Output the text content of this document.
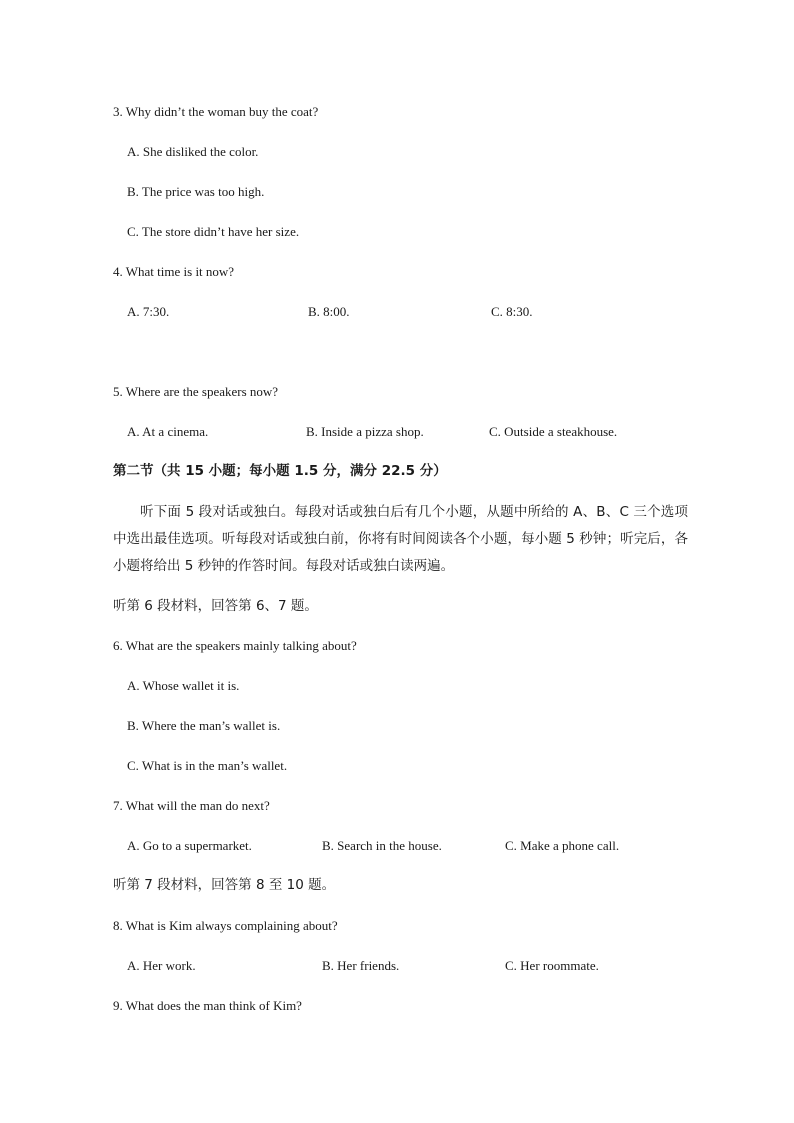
3. Why didn’t the woman buy the coat?
A. She disliked the color.
B. The price was too high.
C. The store didn’t have her size.
4. What time is it now?
A. 7:30.	B. 8:00.	C. 8:30.
5. Where are the speakers now?
A. At a cinema.	B. Inside a pizza shop.	C. Outside a steakhouse.
第二节（共 15 小题；每小题 1.5 分，满分 22.5 分）
听下面 5 段对话或独白。每段对话或独白后有几个小题，从题中所给的 A、B、C 三个选项中选出最佳选项。听每段对话或独白前，你将有时间阅读各个小题，每小题 5 秒钟；听完后，各小题将给出 5 秒钟的作答时间。每段对话或独白读两遍。
听第 6 段材料，回答第 6、7 题。
6. What are the speakers mainly talking about?
A. Whose wallet it is.
B. Where the man’s wallet is.
C. What is in the man’s wallet.
7. What will the man do next?
A. Go to a supermarket.	B. Search in the house.	C. Make a phone call.
听第 7 段材料，回答第 8 至 10 题。
8. What is Kim always complaining about?
A. Her work.	B. Her friends.	C. Her roommate.
9. What does the man think of Kim?
